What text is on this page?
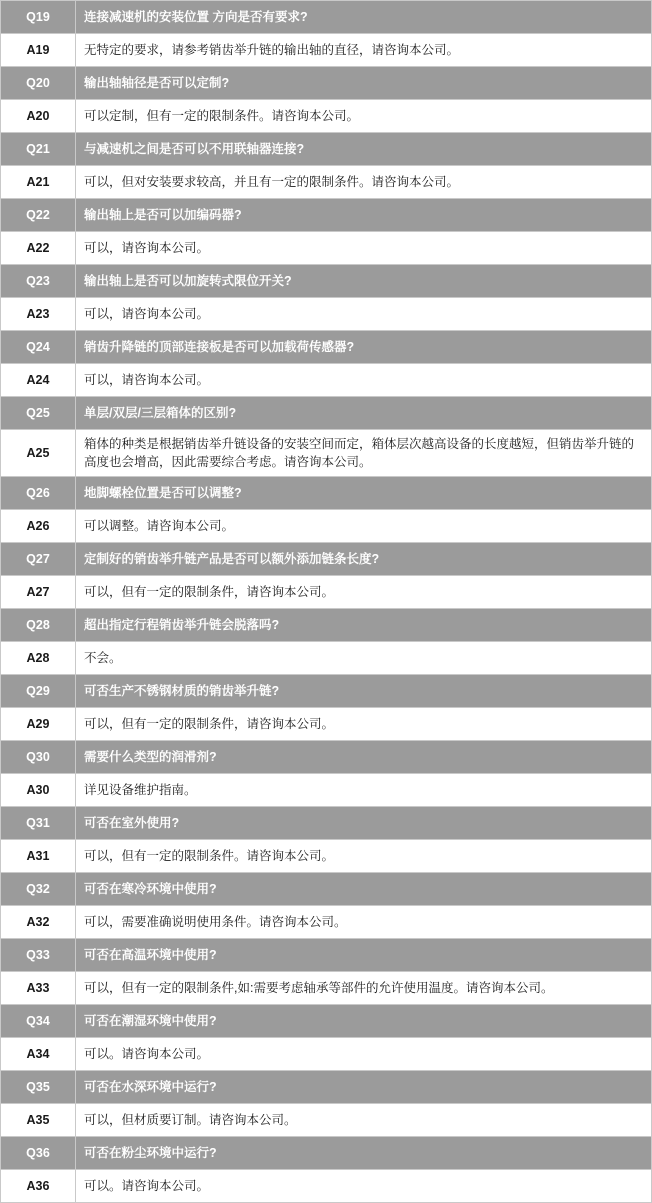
Q19	连接减速机的安装位置 方向是否有要求?
A19	无特定的要求，请参考销齿举升链的输出轴的直径，请咨询本公司。
Q20	输出轴轴径是否可以定制?
A20	可以定制，但有一定的限制条件。请咨询本公司。
Q21	与减速机之间是否可以不用联轴器连接?
A21	可以，但对安装要求较高，并且有一定的限制条件。请咨询本公司。
Q22	输出轴上是否可以加编码器?
A22	可以，请咨询本公司。
Q23	输出轴上是否可以加旋转式限位开关?
A23	可以，请咨询本公司。
Q24	销齿升降链的顶部连接板是否可以加载荷传感器?
A24	可以，请咨询本公司。
Q25	单层/双层/三层箱体的区别?
A25	箱体的种类是根据销齿举升链设备的安装空间而定，箱体层次越高设备的长度越短，但销齿举升链的高度也会增高，因此需要综合考虑。请咨询本公司。
Q26	地脚螺栓位置是否可以调整?
A26	可以调整。请咨询本公司。
Q27	定制好的销齿举升链产品是否可以额外添加链条长度?
A27	可以，但有一定的限制条件，请咨询本公司。
Q28	超出指定行程销齿举升链会脱落吗?
A28	不会。
Q29	可否生产不锈钢材质的销齿举升链?
A29	可以，但有一定的限制条件，请咨询本公司。
Q30	需要什么类型的润滑剂?
A30	详见设备维护指南。
Q31	可否在室外使用?
A31	可以，但有一定的限制条件。请咨询本公司。
Q32	可否在寒冷环境中使用?
A32	可以，需要准确说明使用条件。请咨询本公司。
Q33	可否在高温环境中使用?
A33	可以，但有一定的限制条件,如:需要考虑轴承等部件的允许使用温度。请咨询本公司。
Q34	可否在潮湿环境中使用?
A34	可以。请咨询本公司。
Q35	可否在水深环境中运行?
A35	可以，但材质要订制。请咨询本公司。
Q36	可否在粉尘环境中运行?
A36	可以。请咨询本公司。
